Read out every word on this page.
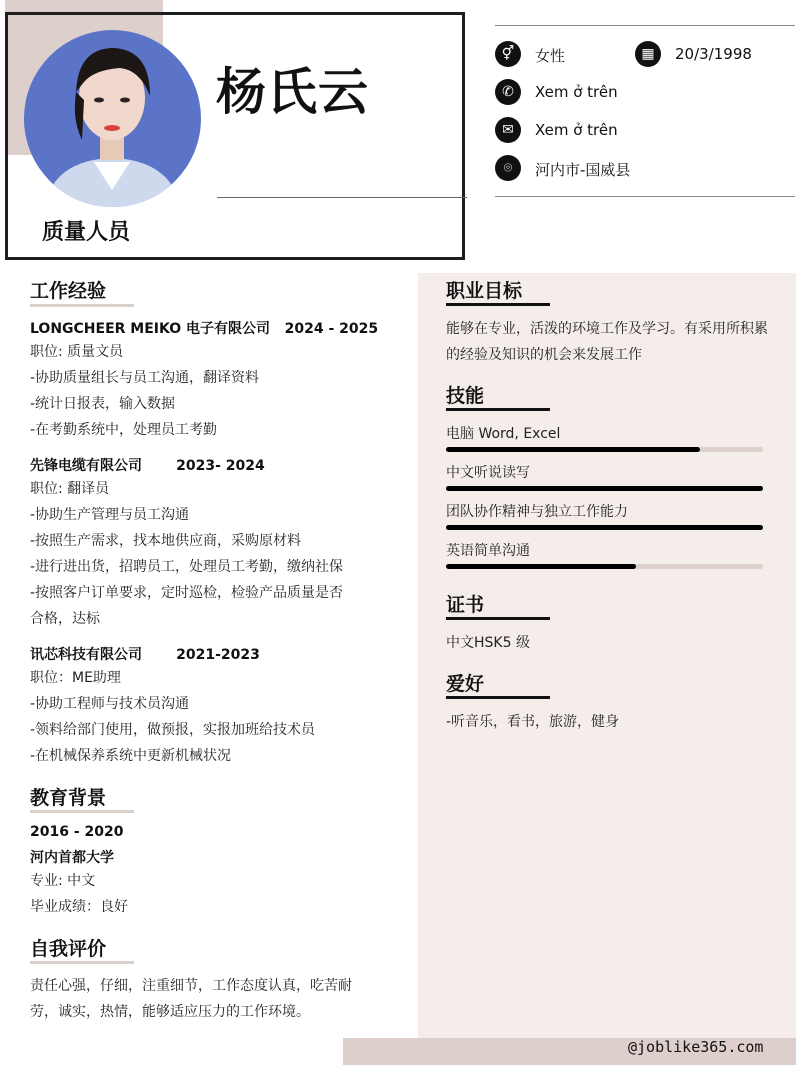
杨氏云
质量人员
⚥	女性	▦	20/3/1998
✆	Xem ở trên
✉	Xem ở trên
⌾	河内市-国威县
工作经验
LONGCHEER MEIKO 电子有限公司   2024 - 2025
职位: 质量文员
-协助质量组长与员工沟通，翻译资料
-统计日报表，输入数据
-在考勤系统中，处理员工考勤
先锋电缆有限公司       2023- 2024
职位: 翻译员
-协助生产管理与员工沟通
-按照生产需求，找本地供应商，采购原材料
-进行进出货，招聘员工，处理员工考勤，缴纳社保
-按照客户订单要求，定时巡检，检验产品质量是否
合格，达标
讯芯科技有限公司       2021-2023
职位：ME助理
-协助工程师与技术员沟通
-领料给部门使用，做预报，实报加班给技术员
-在机械保养系统中更新机械状况
教育背景
2016 - 2020
河内首都大学
专业: 中文
毕业成绩：良好
自我评价
责任心强，仔细，注重细节，工作态度认真，吃苦耐
劳，诚实，热情，能够适应压力的工作环境。
职业目标
能够在专业，活泼的环境工作及学习。有采用所积累
的经验及知识的机会来发展工作
技能
电脑 Word, Excel
中文听说读写
团队协作精神与独立工作能力
英语简单沟通
证书
中文HSK5 级
爱好
-听音乐，看书，旅游，健身
@joblike365.com
